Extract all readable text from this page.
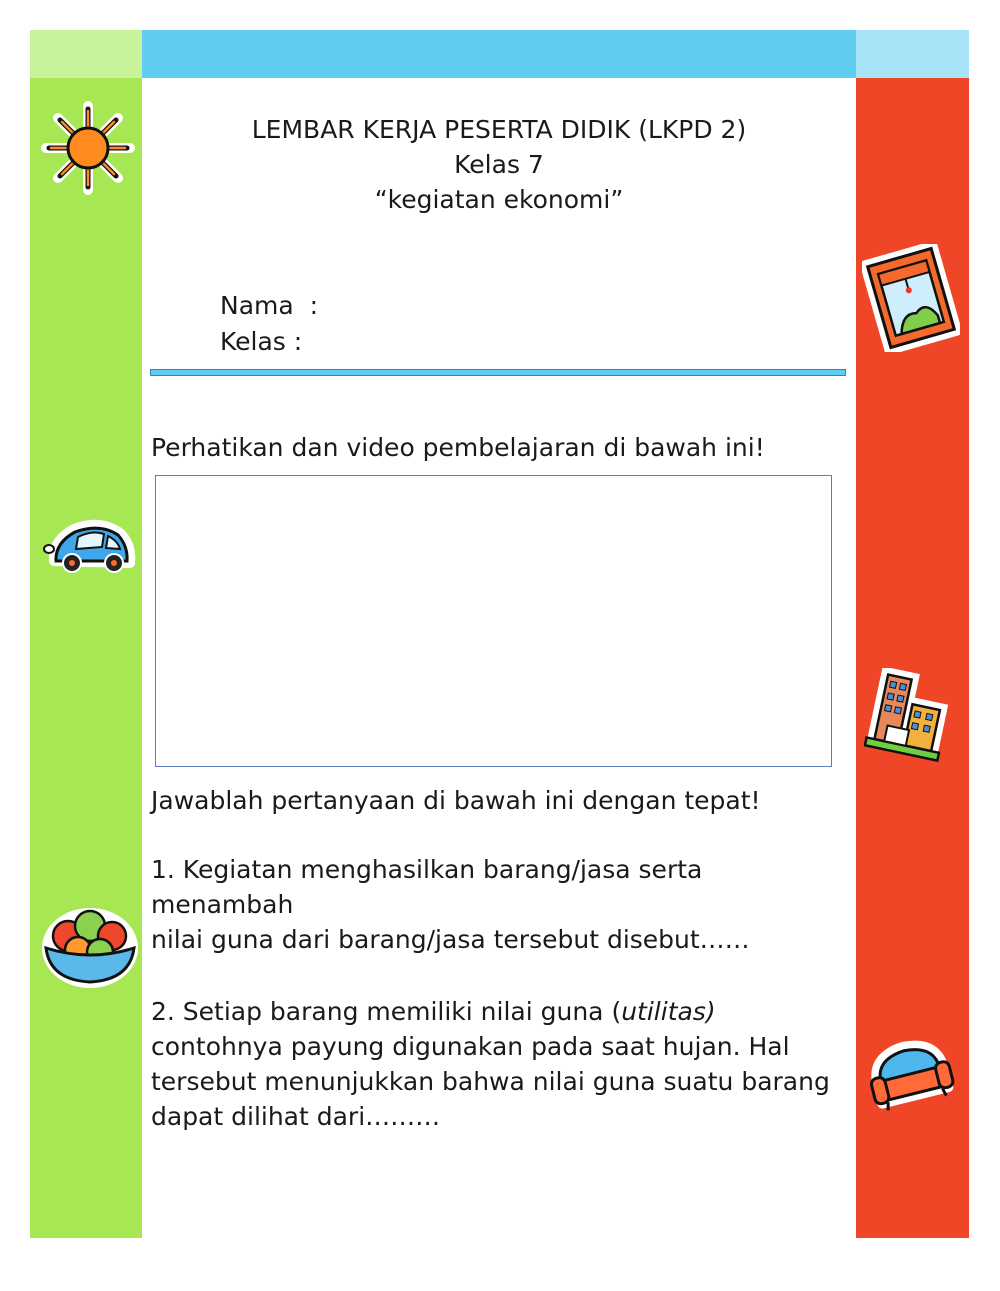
LEMBAR KERJA PESERTA DIDIK (LKPD 2)
Kelas 7
“kegiatan ekonomi”
Nama  :
Kelas :
Perhatikan dan video pembelajaran di bawah ini!
Jawablah pertanyaan di bawah ini dengan tepat!
1. Kegiatan menghasilkan barang/jasa serta menambah
nilai guna dari barang/jasa tersebut disebut……
2. Setiap barang memiliki nilai guna (utilitas)
contohnya payung digunakan pada saat hujan. Hal
tersebut menunjukkan bahwa nilai guna suatu barang
dapat dilihat dari………
